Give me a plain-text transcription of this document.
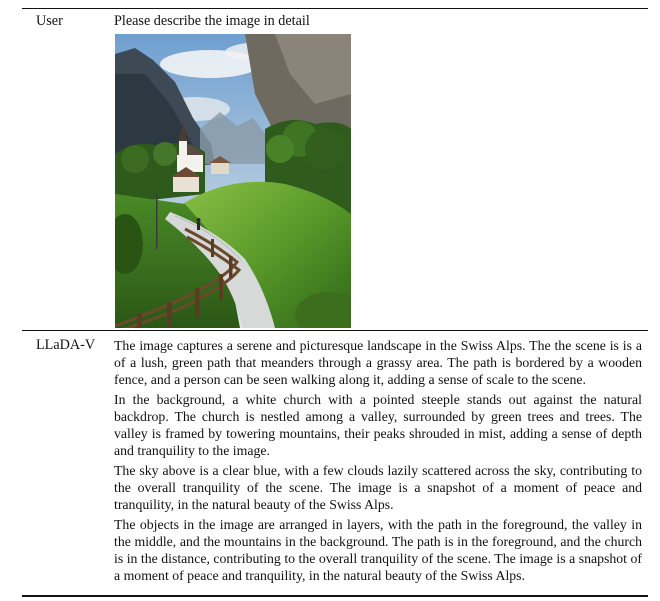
User	Please describe the image in detail
LLaDA-V The image captures a serene and picturesque landscape in the Swiss Alps. The the scene is is a of a lush, green path that meanders through a grassy area. The path is bordered by a wooden fence, and a person can be seen walking along it, adding a sense of scale to the scene.

In the background, a white church with a pointed steeple stands out against the natural backdrop. The church is nestled among a valley, surrounded by green trees and trees. The valley is framed by towering mountains, their peaks shrouded in mist, adding a sense of depth and tranquility to the image.

The sky above is a clear blue, with a few clouds lazily scattered across the sky, contributing to the overall tranquility of the scene. The image is a snapshot of a moment of peace and tranquility, in the natural beauty of the Swiss Alps.

The objects in the image are arranged in layers, with the path in the foreground, the valley in the middle, and the mountains in the background. The path is in the foreground, and the church is in the distance, contributing to the overall tranquility of the scene. The image is a snapshot of a moment of peace and tranquility, in the natural beauty of the Swiss Alps.
